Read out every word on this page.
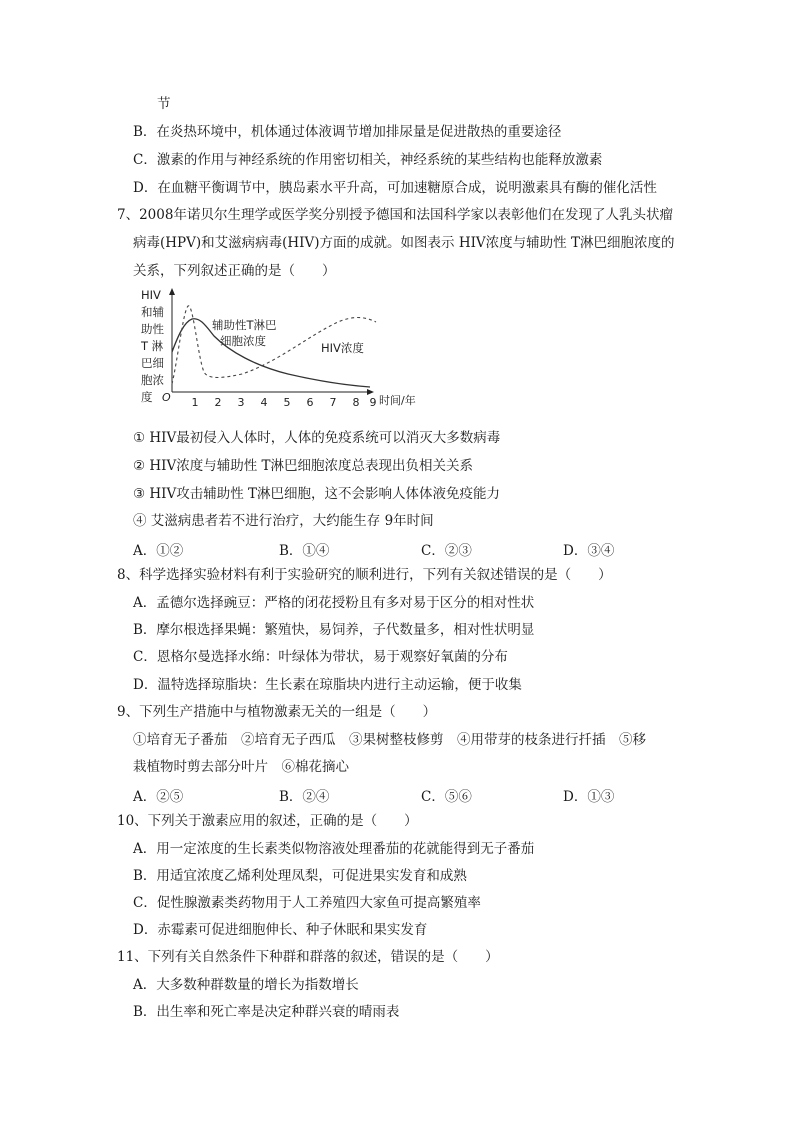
节
B．在炎热环境中，机体通过体液调节增加排尿量是促进散热的重要途径
C．激素的作用与神经系统的作用密切相关，神经系统的某些结构也能释放激素
D．在血糖平衡调节中，胰岛素水平升高，可加速糖原合成，说明激素具有酶的催化活性
7、2008年诺贝尔生理学或医学奖分别授予德国和法国科学家以表彰他们在发现了人乳头状瘤
病毒(HPV)和艾滋病病毒(HIV)方面的成就。如图表示 HIV浓度与辅助性 T淋巴细胞浓度的
关系，下列叙述正确的是（　　）
HIV
和辅
助性
T 淋
巴细
胞浓
度 O 1 2 3 4 5 6 7 8 9 时间/年
辅助性T淋巴
细胞浓度	HIV浓度
① HIV最初侵入人体时，人体的免疫系统可以消灭大多数病毒
② HIV浓度与辅助性 T淋巴细胞浓度总表现出负相关关系
③ HIV攻击辅助性 T淋巴细胞，这不会影响人体体液免疫能力
④ 艾滋病患者若不进行治疗，大约能生存 9年时间
A．①②	B．①④	C．②③	D．③④
8、科学选择实验材料有利于实验研究的顺利进行，下列有关叙述错误的是（　　）
A．孟德尔选择豌豆：严格的闭花授粉且有多对易于区分的相对性状
B．摩尔根选择果蝇：繁殖快，易饲养，子代数量多，相对性状明显
C．恩格尔曼选择水绵：叶绿体为带状，易于观察好氧菌的分布
D．温特选择琼脂块：生长素在琼脂块内进行主动运输，便于收集
9、下列生产措施中与植物激素无关的一组是（　　）
①培育无子番茄　②培育无子西瓜　③果树整枝修剪　④用带芽的枝条进行扦插　⑤移
栽植物时剪去部分叶片　⑥棉花摘心
A．②⑤	B．②④	C．⑤⑥	D．①③
10、下列关于激素应用的叙述，正确的是（　　）
A．用一定浓度的生长素类似物溶液处理番茄的花就能得到无子番茄
B．用适宜浓度乙烯利处理凤梨，可促进果实发育和成熟
C．促性腺激素类药物用于人工养殖四大家鱼可提高繁殖率
D．赤霉素可促进细胞伸长、种子休眠和果实发育
11、下列有关自然条件下种群和群落的叙述，错误的是（　　）
A．大多数种群数量的增长为指数增长
B．出生率和死亡率是决定种群兴衰的晴雨表
